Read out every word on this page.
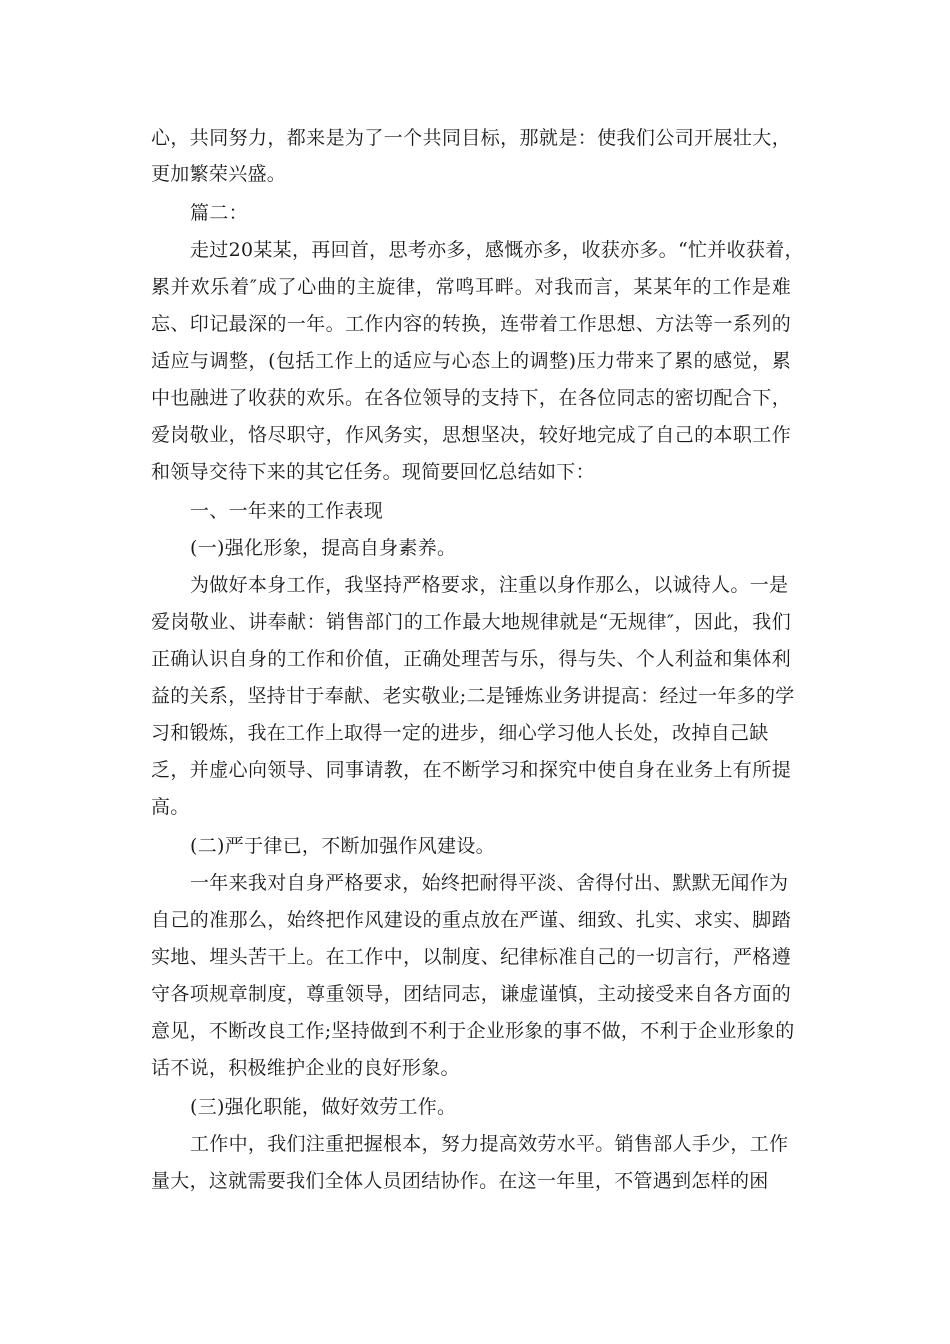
心，共同努力，都来是为了一个共同目标，那就是：使我们公司开展壮大，
更加繁荣兴盛。
篇二：
走过20某某，再回首，思考亦多，感慨亦多，收获亦多。“忙并收获着，
累并欢乐着″成了心曲的主旋律，常鸣耳畔。对我而言，某某年的工作是难
忘、印记最深的一年。工作内容的转换，连带着工作思想、方法等一系列的
适应与调整，(包括工作上的适应与心态上的调整)压力带来了累的感觉，累
中也融进了收获的欢乐。在各位领导的支持下，在各位同志的密切配合下，
爱岗敬业，恪尽职守，作风务实，思想坚决，较好地完成了自己的本职工作
和领导交待下来的其它任务。现简要回忆总结如下：
一、一年来的工作表现
(一)强化形象，提高自身素养。
为做好本身工作，我坚持严格要求，注重以身作那么，以诚待人。一是
爱岗敬业、讲奉献：销售部门的工作最大地规律就是“无规律″，因此，我们
正确认识自身的工作和价值，正确处理苦与乐，得与失、个人利益和集体利
益的关系，坚持甘于奉献、老实敬业;二是锤炼业务讲提高：经过一年多的学
习和锻炼，我在工作上取得一定的进步，细心学习他人长处，改掉自己缺
乏，并虚心向领导、同事请教，在不断学习和探究中使自身在业务上有所提
高。
(二)严于律已，不断加强作风建设。
一年来我对自身严格要求，始终把耐得平淡、舍得付出、默默无闻作为
自己的准那么，始终把作风建设的重点放在严谨、细致、扎实、求实、脚踏
实地、埋头苦干上。在工作中，以制度、纪律标准自己的一切言行，严格遵
守各项规章制度，尊重领导，团结同志，谦虚谨慎，主动接受来自各方面的
意见，不断改良工作;坚持做到不利于企业形象的事不做，不利于企业形象的
话不说，积极维护企业的良好形象。
(三)强化职能，做好效劳工作。
工作中，我们注重把握根本，努力提高效劳水平。销售部人手少，工作
量大，这就需要我们全体人员团结协作。在这一年里，不管遇到怎样的困
